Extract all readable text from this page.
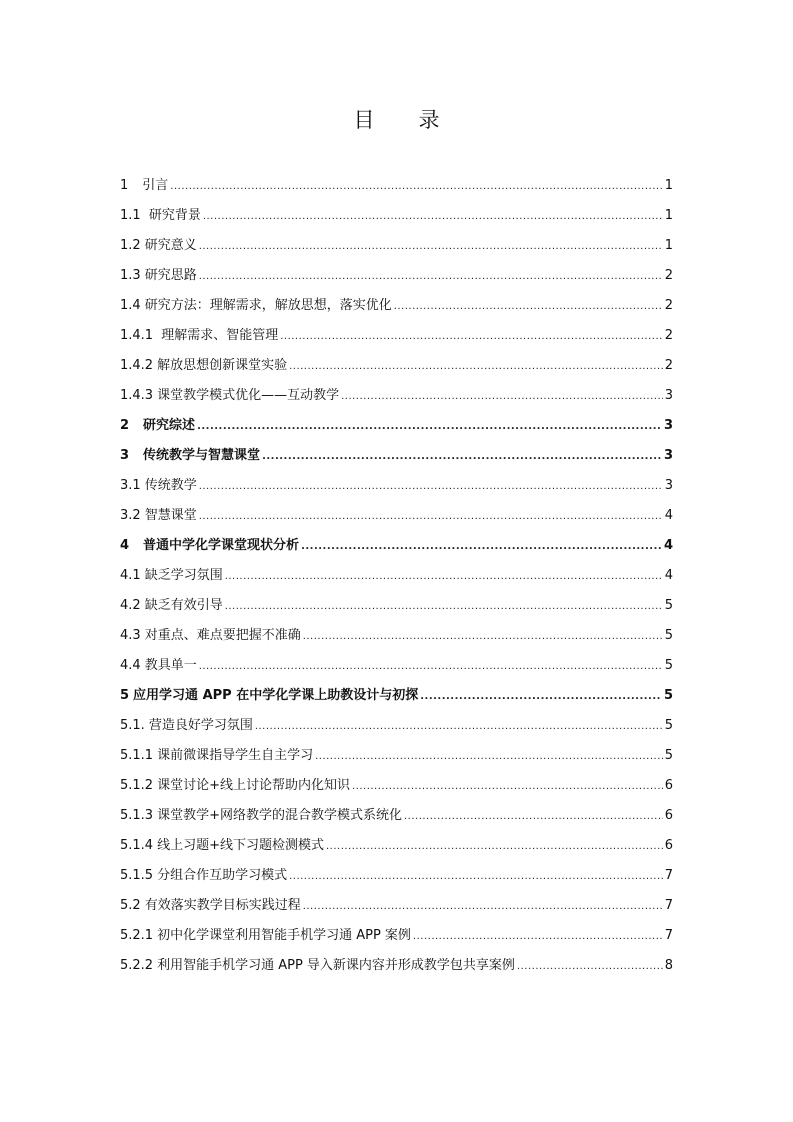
目 录
1 引言 .....	1
1.1 研究背景 .....	1
1.2 研究意义 .....	1
1.3 研究思路 .....	2
1.4 研究方法：理解需求，解放思想，落实优化 .....	2
1.4.1 理解需求、智能管理 .....	2
1.4.2 解放思想创新课堂实验 .....	2
1.4.3 课堂教学模式优化——互动教学 .....	3
2 研究综述 .....	3
3 传统教学与智慧课堂 .....	3
3.1 传统教学 .....	3
3.2 智慧课堂 .....	4
4 普通中学化学课堂现状分析 .....	4
4.1 缺乏学习氛围 .....	4
4.2 缺乏有效引导 .....	5
4.3 对重点、难点要把握不准确 .....	5
4.4 教具单一 .....	5
5 应用学习通 APP 在中学化学课上助教设计与初探 .....	5
5.1. 营造良好学习氛围 .....	5
5.1.1 课前微课指导学生自主学习 .....	5
5.1.2 课堂讨论+线上讨论帮助内化知识 .....	6
5.1.3 课堂教学+网络教学的混合教学模式系统化 .....	6
5.1.4 线上习题+线下习题检测模式 .....	6
5.1.5 分组合作互助学习模式 .....	7
5.2 有效落实教学目标实践过程 .....	7
5.2.1 初中化学课堂利用智能手机学习通 APP 案例 .....	7
5.2.2 利用智能手机学习通 APP 导入新课内容并形成教学包共享案例 .....	8
